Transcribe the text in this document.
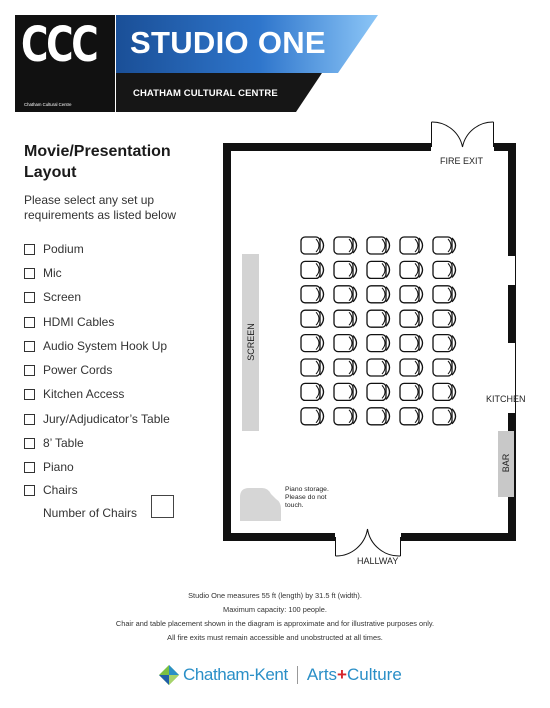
CCC
Chatham Cultural Centre
STUDIO ONE
CHATHAM CULTURAL CENTRE
Movie/Presentation
Layout
Please select any set up
requirements as listed below
Podium
Mic
Screen
HDMI Cables
Audio System Hook Up
Power Cords
Kitchen Access
Jury/Adjudicator’s Table
8’ Table
Piano
Chairs
Number of Chairs
FIRE EXIT
KITCHEN
HALLWAY
SCREEN
BAR
Piano storage.
Please do not
touch.
Studio One measures 55 ft (length) by 31.5 ft (width).
Maximum capacity: 100 people.
Chair and table placement shown in the diagram is approximate and for illustrative purposes only.
All fire exits must remain accessible and unobstructed at all times.
Chatham-Kent Arts + Culture
